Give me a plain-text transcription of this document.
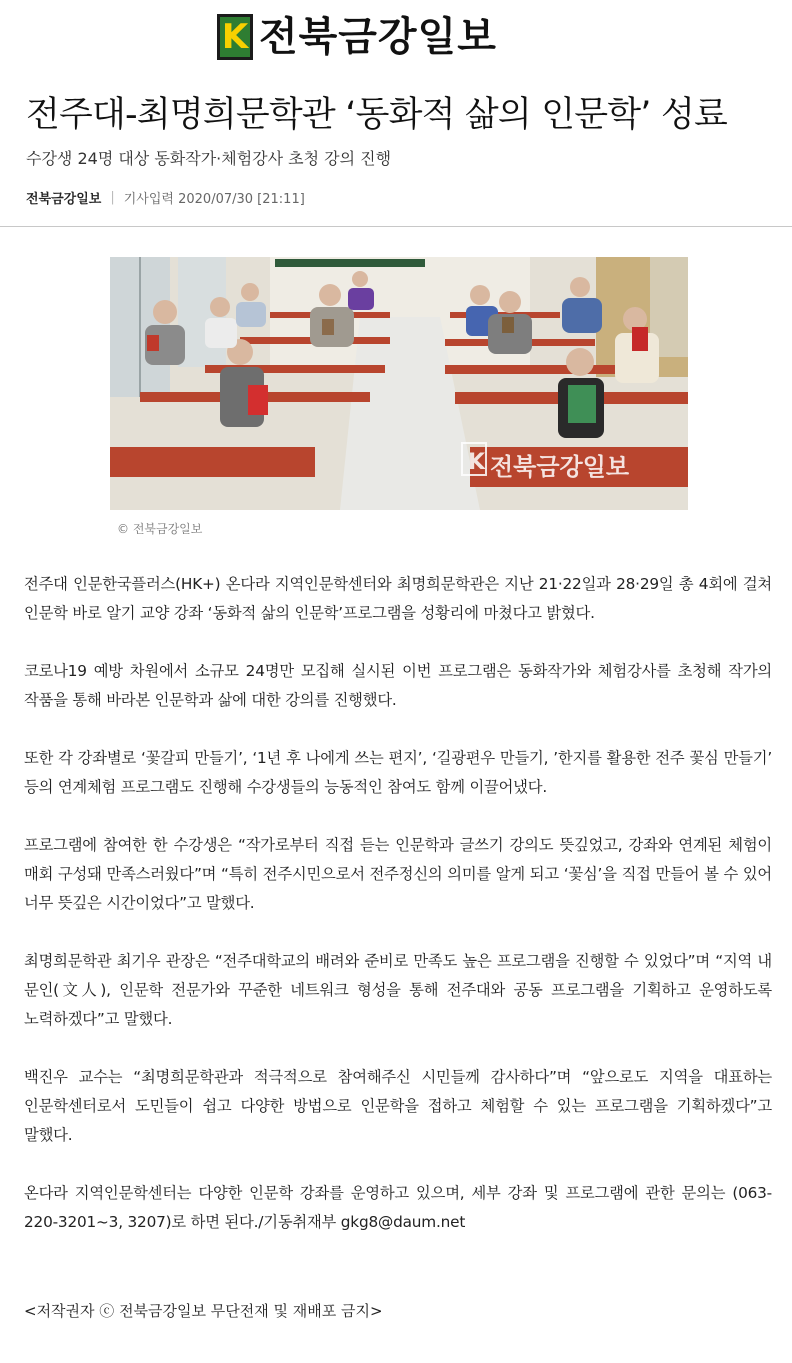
K 전북금강일보
전주대-최명희문학관 ‘동화적 삶의 인문학’ 성료
수강생 24명 대상 동화작가·체험강사 초청 강의 진행
전북금강일보 | 기사입력 2020/07/30 [21:11]
K 전북금강일보
© 전북금강일보

전주대 인문한국플러스(HK+) 온다라 지역인문학센터와 최명희문학관은 지난 21·22일과 28·29일 총 4회에 걸쳐 인문학 바로 알기 교양 강좌 ‘동화적 삶의 인문학’프로그램을 성황리에 마쳤다고 밝혔다.

코로나19 예방 차원에서 소규모 24명만 모집해 실시된 이번 프로그램은 동화작가와 체험강사를 초청해 작가의 작품을 통해 바라본 인문학과 삶에 대한 강의를 진행했다.

또한 각 강좌별로 ‘꽃갈피 만들기’, ‘1년 후 나에게 쓰는 편지’, ‘길광편우 만들기, ’한지를 활용한 전주 꽃심 만들기’ 등의 연계체험 프로그램도 진행해 수강생들의 능동적인 참여도 함께 이끌어냈다.

프로그램에 참여한 한 수강생은 “작가로부터 직접 듣는 인문학과 글쓰기 강의도 뜻깊었고, 강좌와 연계된 체험이 매회 구성돼 만족스러웠다”며 “특히 전주시민으로서 전주정신의 의미를 알게 되고 ‘꽃심’을 직접 만들어 볼 수 있어 너무 뜻깊은 시간이었다”고 말했다.

최명희문학관 최기우 관장은 “전주대학교의 배려와 준비로 만족도 높은 프로그램을 진행할 수 있었다”며 “지역 내 문인(文人), 인문학 전문가와 꾸준한 네트워크 형성을 통해 전주대와 공동 프로그램을 기획하고 운영하도록 노력하겠다”고 말했다.

백진우 교수는 “최명희문학관과 적극적으로 참여해주신 시민들께 감사하다”며 “앞으로도 지역을 대표하는 인문학센터로서 도민들이 쉽고 다양한 방법으로 인문학을 접하고 체험할 수 있는 프로그램을 기획하겠다”고 말했다.

온다라 지역인문학센터는 다양한 인문학 강좌를 운영하고 있으며, 세부 강좌 및 프로그램에 관한 문의는 (063-220-3201~3, 3207)로 하면 된다./기동취재부 gkg8@daum.net

<저작권자 ⓒ 전북금강일보 무단전재 및 재배포 금지>
